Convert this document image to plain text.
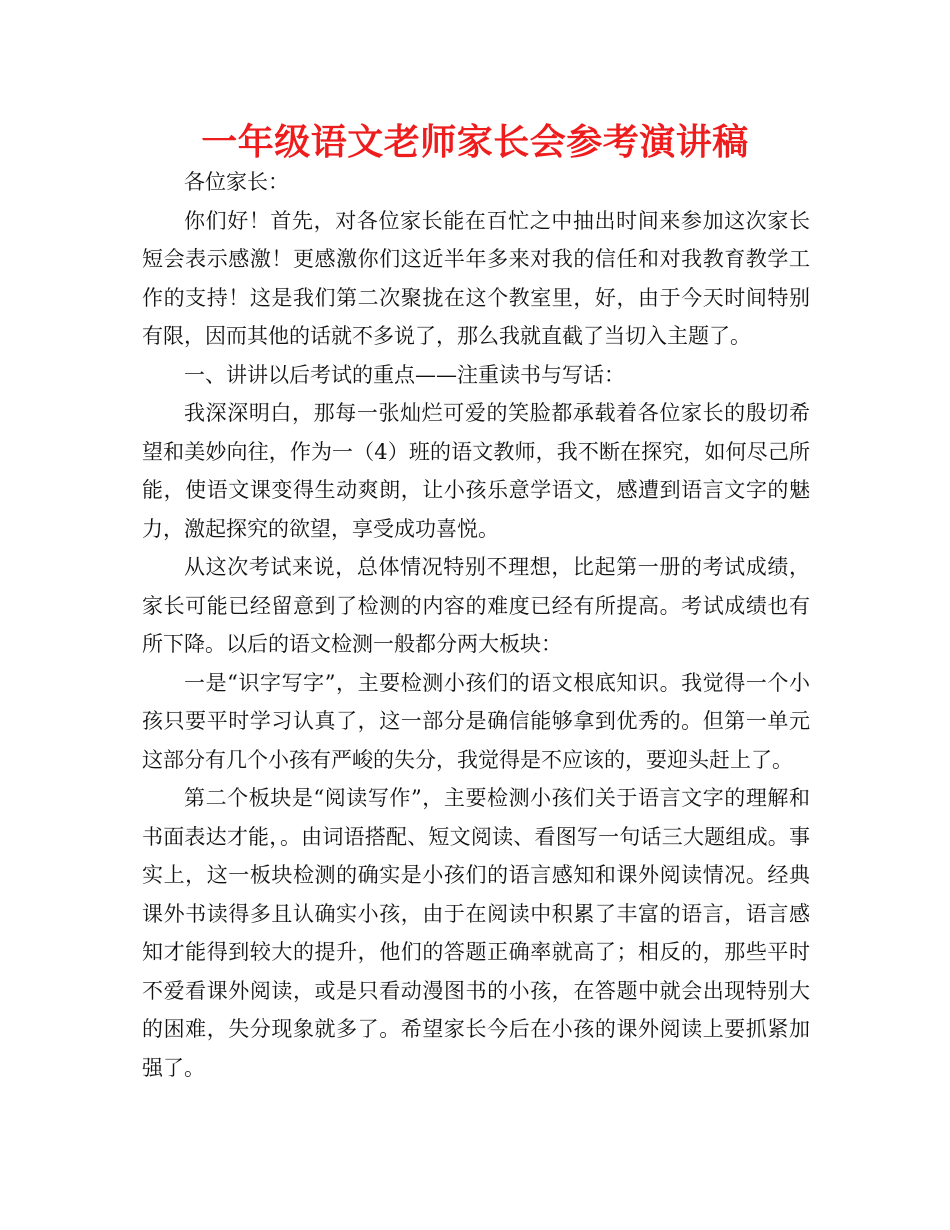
一年级语文老师家长会参考演讲稿

各位家长：

你们好！首先，对各位家长能在百忙之中抽出时间来参加这次家长短会表示感激！更感激你们这近半年多来对我的信任和对我教育教学工作的支持！这是我们第二次聚拢在这个教室里，好，由于今天时间特别有限，因而其他的话就不多说了，那么我就直截了当切入主题了。

一、讲讲以后考试的重点——注重读书与写话：

我深深明白，那每一张灿烂可爱的笑脸都承载着各位家长的殷切希望和美妙向往，作为一（4）班的语文教师，我不断在探究，如何尽己所能，使语文课变得生动爽朗，让小孩乐意学语文，感遭到语言文字的魅力，激起探究的欲望，享受成功喜悦。

从这次考试来说，总体情况特别不理想，比起第一册的考试成绩，家长可能已经留意到了检测的内容的难度已经有所提高。考试成绩也有所下降。以后的语文检测一般都分两大板块：

一是“识字写字”，主要检测小孩们的语文根底知识。我觉得一个小孩只要平时学习认真了，这一部分是确信能够拿到优秀的。但第一单元这部分有几个小孩有严峻的失分，我觉得是不应该的，要迎头赶上了。

第二个板块是“阅读写作”，主要检测小孩们关于语言文字的理解和书面表达才能，。由词语搭配、短文阅读、看图写一句话三大题组成。事实上，这一板块检测的确实是小孩们的语言感知和课外阅读情况。经典课外书读得多且认确实小孩，由于在阅读中积累了丰富的语言，语言感知才能得到较大的提升，他们的答题正确率就高了；相反的，那些平时不爱看课外阅读，或是只看动漫图书的小孩，在答题中就会出现特别大的困难，失分现象就多了。希望家长今后在小孩的课外阅读上要抓紧加强了。
